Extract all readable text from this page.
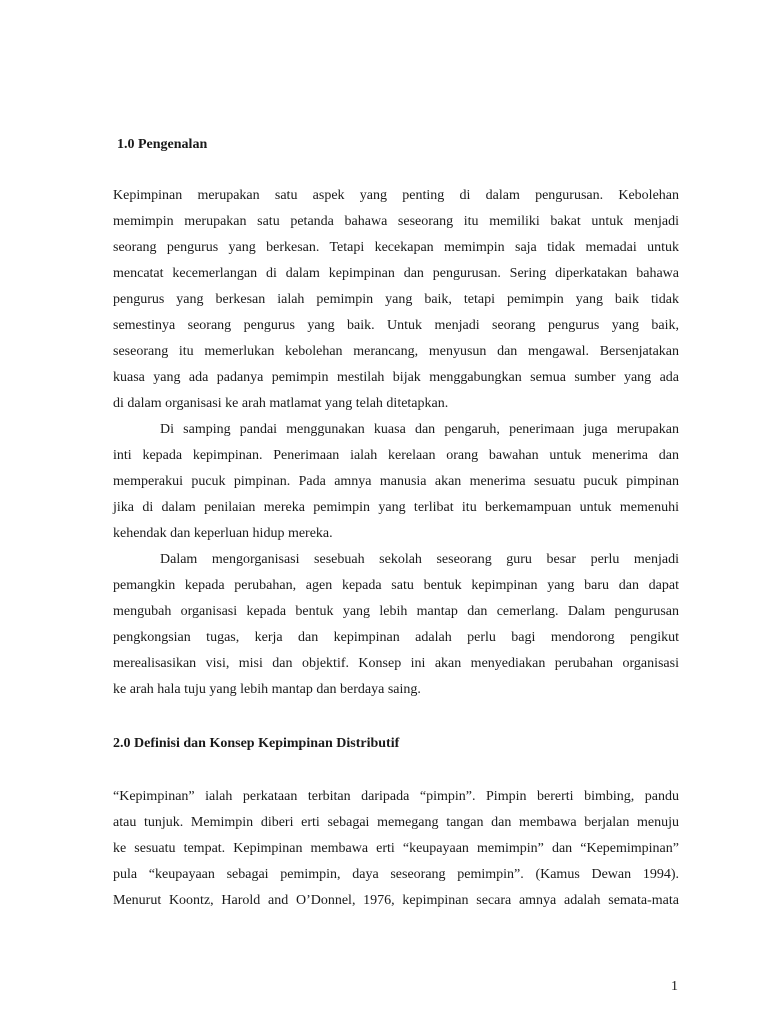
1.0 Pengenalan
Kepimpinan merupakan satu aspek yang penting di dalam pengurusan. Kebolehan
memimpin merupakan satu petanda bahawa seseorang itu memiliki bakat untuk menjadi
seorang pengurus yang berkesan. Tetapi kecekapan memimpin saja tidak memadai untuk
mencatat kecemerlangan di dalam kepimpinan dan pengurusan. Sering diperkatakan bahawa
pengurus yang berkesan ialah pemimpin yang baik, tetapi pemimpin yang baik tidak
semestinya seorang pengurus yang baik. Untuk menjadi seorang pengurus yang baik,
seseorang itu memerlukan kebolehan merancang, menyusun dan mengawal. Bersenjatakan
kuasa yang ada padanya pemimpin mestilah bijak menggabungkan semua sumber yang ada
di dalam organisasi ke arah matlamat yang telah ditetapkan.
Di samping pandai menggunakan kuasa dan pengaruh, penerimaan juga merupakan
inti kepada kepimpinan. Penerimaan ialah kerelaan orang bawahan untuk menerima dan
memperakui pucuk pimpinan. Pada amnya manusia akan menerima sesuatu pucuk pimpinan
jika di dalam penilaian mereka pemimpin yang terlibat itu berkemampuan untuk memenuhi
kehendak dan keperluan hidup mereka.
Dalam mengorganisasi sesebuah sekolah seseorang guru besar perlu menjadi
pemangkin kepada perubahan, agen kepada satu bentuk kepimpinan yang baru dan dapat
mengubah organisasi kepada bentuk yang lebih mantap dan cemerlang. Dalam pengurusan
pengkongsian tugas, kerja dan kepimpinan adalah perlu bagi mendorong pengikut
merealisasikan visi, misi dan objektif. Konsep ini akan menyediakan perubahan organisasi
ke arah hala tuju yang lebih mantap dan berdaya saing.
2.0 Definisi dan Konsep Kepimpinan Distributif
“Kepimpinan” ialah perkataan terbitan daripada “pimpin”. Pimpin bererti bimbing, pandu
atau tunjuk. Memimpin diberi erti sebagai memegang tangan dan membawa berjalan menuju
ke sesuatu tempat. Kepimpinan membawa erti “keupayaan memimpin” dan “Kepemimpinan”
pula “keupayaan sebagai pemimpin, daya seseorang pemimpin”. (Kamus Dewan 1994).
Menurut Koontz, Harold and O’Donnel, 1976, kepimpinan secara amnya adalah semata-mata
1
